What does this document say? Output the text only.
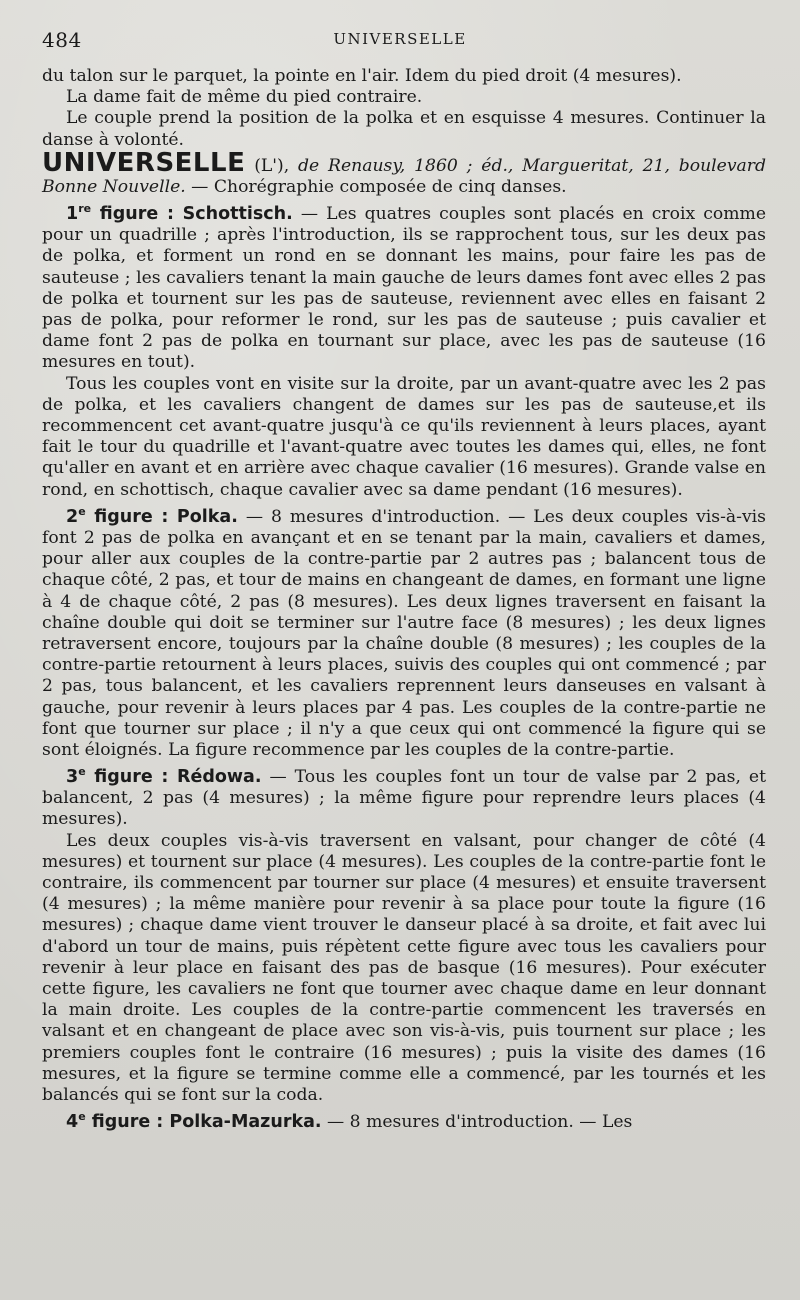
484	UNIVERSELLE

du talon sur le parquet, la pointe en l'air. Idem du pied droit (4 mesures).

La dame fait de même du pied contraire.

Le couple prend la position de la polka et en esquisse 4 mesures. Continuer la danse à volonté.

UNIVERSELLE (L'), de Renausy, 1860 ; éd., Margueritat, 21, boulevard Bonne Nouvelle. — Chorégraphie composée de cinq danses.

1re figure : Schottisch. — Les quatres couples sont placés en croix comme pour un quadrille ; après l'introduction, ils se rapprochent tous, sur les deux pas de polka, et forment un rond en se donnant les mains, pour faire les pas de sauteuse ; les cavaliers tenant la main gauche de leurs dames font avec elles 2 pas de polka et tournent sur les pas de sauteuse, reviennent avec elles en faisant 2 pas de polka, pour reformer le rond, sur les pas de sauteuse ; puis cavalier et dame font 2 pas de polka en tournant sur place, avec les pas de sauteuse (16 mesures en tout).

Tous les couples vont en visite sur la droite, par un avant-quatre avec les 2 pas de polka, et les cavaliers changent de dames sur les pas de sauteuse,et ils recommencent cet avant-quatre jusqu'à ce qu'ils reviennent à leurs places, ayant fait le tour du quadrille et l'avant-quatre avec toutes les dames qui, elles, ne font qu'aller en avant et en arrière avec chaque cavalier (16 mesures). Grande valse en rond, en schottisch, chaque cavalier avec sa dame pendant (16 mesures).

2e figure : Polka. — 8 mesures d'introduction. — Les deux couples vis-à-vis font 2 pas de polka en avançant et en se tenant par la main, cavaliers et dames, pour aller aux couples de la contre-partie par 2 autres pas ; balancent tous de chaque côté, 2 pas, et tour de mains en changeant de dames, en formant une ligne à 4 de chaque côté, 2 pas (8 mesures). Les deux lignes traversent en faisant la chaîne double qui doit se terminer sur l'autre face (8 mesures) ; les deux lignes retraversent encore, toujours par la chaîne double (8 mesures) ; les couples de la contre-partie retournent à leurs places, suivis des couples qui ont commencé ; par 2 pas, tous balancent, et les cavaliers reprennent leurs danseuses en valsant à gauche, pour revenir à leurs places par 4 pas. Les couples de la contre-partie ne font que tourner sur place ; il n'y a que ceux qui ont commencé la figure qui se sont éloignés. La figure recommence par les couples de la contre-partie.

3e figure : Rédowa. — Tous les couples font un tour de valse par 2 pas, et balancent, 2 pas (4 mesures) ; la même figure pour reprendre leurs places (4 mesures).

Les deux couples vis-à-vis traversent en valsant, pour changer de côté (4 mesures) et tournent sur place (4 mesures). Les couples de la contre-partie font le contraire, ils commencent par tourner sur place (4 mesures) et ensuite traversent (4 mesures) ; la même manière pour revenir à sa place pour toute la figure (16 mesures) ; chaque dame vient trouver le danseur placé à sa droite, et fait avec lui d'abord un tour de mains, puis répètent cette figure avec tous les cavaliers pour revenir à leur place en faisant des pas de basque (16 mesures). Pour exécuter cette figure, les cavaliers ne font que tourner avec chaque dame en leur donnant la main droite. Les couples de la contre-partie commencent les traversés en valsant et en changeant de place avec son vis-à-vis, puis tournent sur place ; les premiers couples font le contraire (16 mesures) ; puis la visite des dames (16 mesures, et la figure se termine comme elle a commencé, par les tournés et les balancés qui se font sur la coda.

4e figure : Polka-Mazurka. — 8 mesures d'introduction. — Les
